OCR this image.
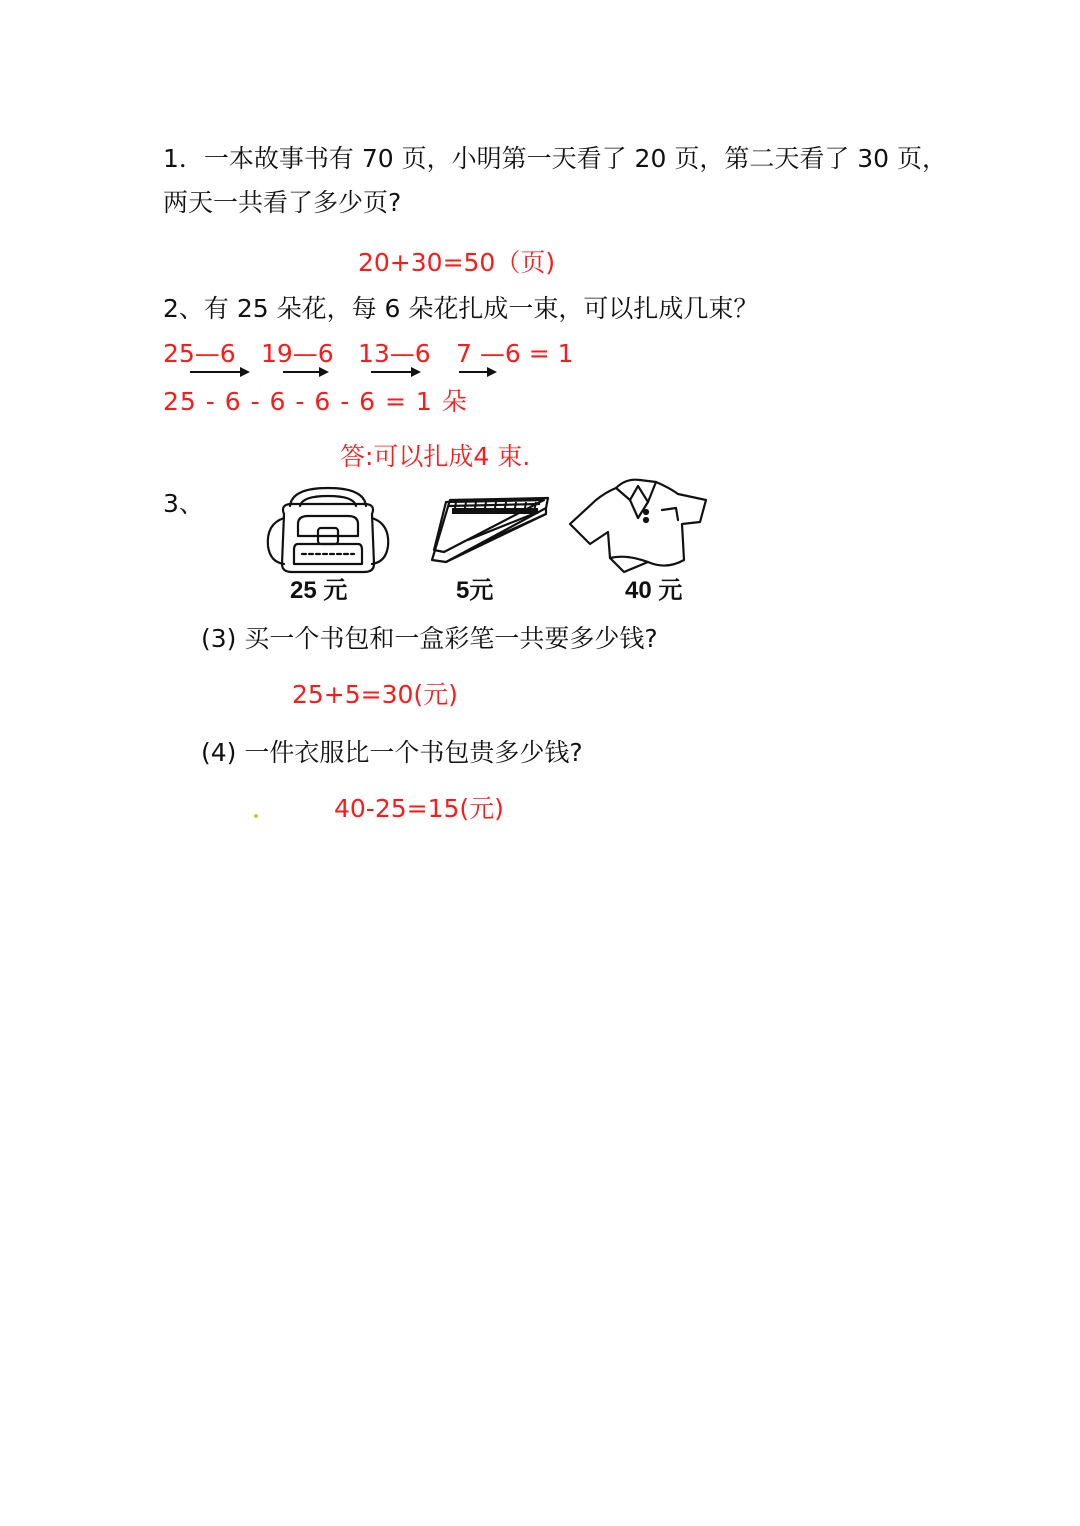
1．一本故事书有 70 页，小明第一天看了 20 页，第二天看了 30 页，
两天一共看了多少页?
20+30=50（页)
2、有 25 朵花，每 6 朵花扎成一束，可以扎成几束？
25—6 19—6 13—6 7 —6 = 1
25 - 6 - 6 - 6 - 6 = 1 朵
答:可以扎成4 束.
3、
25 元	5元	40 元
(3) 买一个书包和一盒彩笔一共要多少钱?
25+5=30(元)
(4) 一件衣服比一个书包贵多少钱?
40-25=15(元)
